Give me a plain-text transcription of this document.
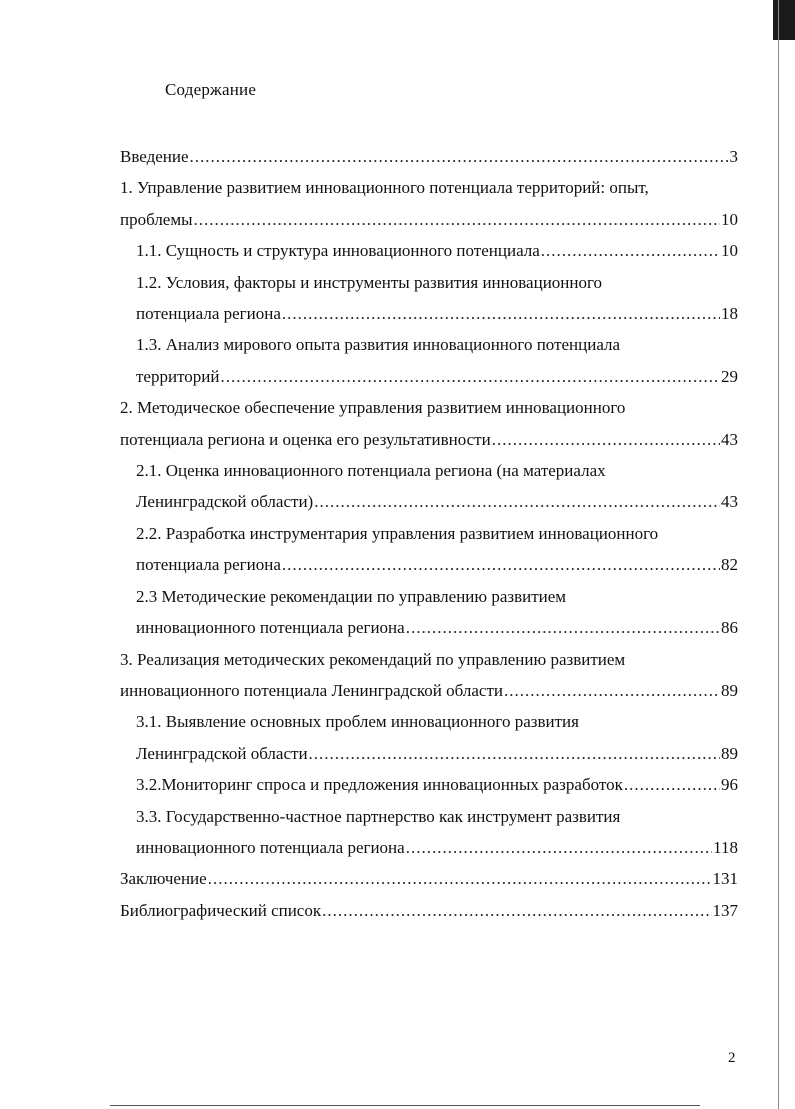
Содержание
Введение .....	3
1. Управление развитием инновационного потенциала территорий: опыт,
проблемы .....	10
1.1. Сущность и структура инновационного потенциала .....	10
1.2. Условия, факторы и инструменты развития инновационного
потенциала региона .....	18
1.3. Анализ мирового опыта развития инновационного потенциала
территорий .....	29
2. Методическое обеспечение управления развитием инновационного
потенциала региона и оценка его результативности .....	43
2.1. Оценка инновационного потенциала региона (на материалах
Ленинградской области) .....	43
2.2. Разработка инструментария управления развитием инновационного
потенциала региона .....	82
2.3 Методические рекомендации по управлению развитием
инновационного потенциала региона .....	86
3. Реализация методических рекомендаций по управлению развитием
инновационного потенциала Ленинградской области .....	89
3.1. Выявление основных проблем инновационного развития
Ленинградской области .....	89
3.2.Мониторинг спроса и предложения инновационных разработок .....	96
3.3. Государственно-частное партнерство как инструмент развития
инновационного потенциала региона .....	118
Заключение .....	131
Библиографический список .....	137
2
